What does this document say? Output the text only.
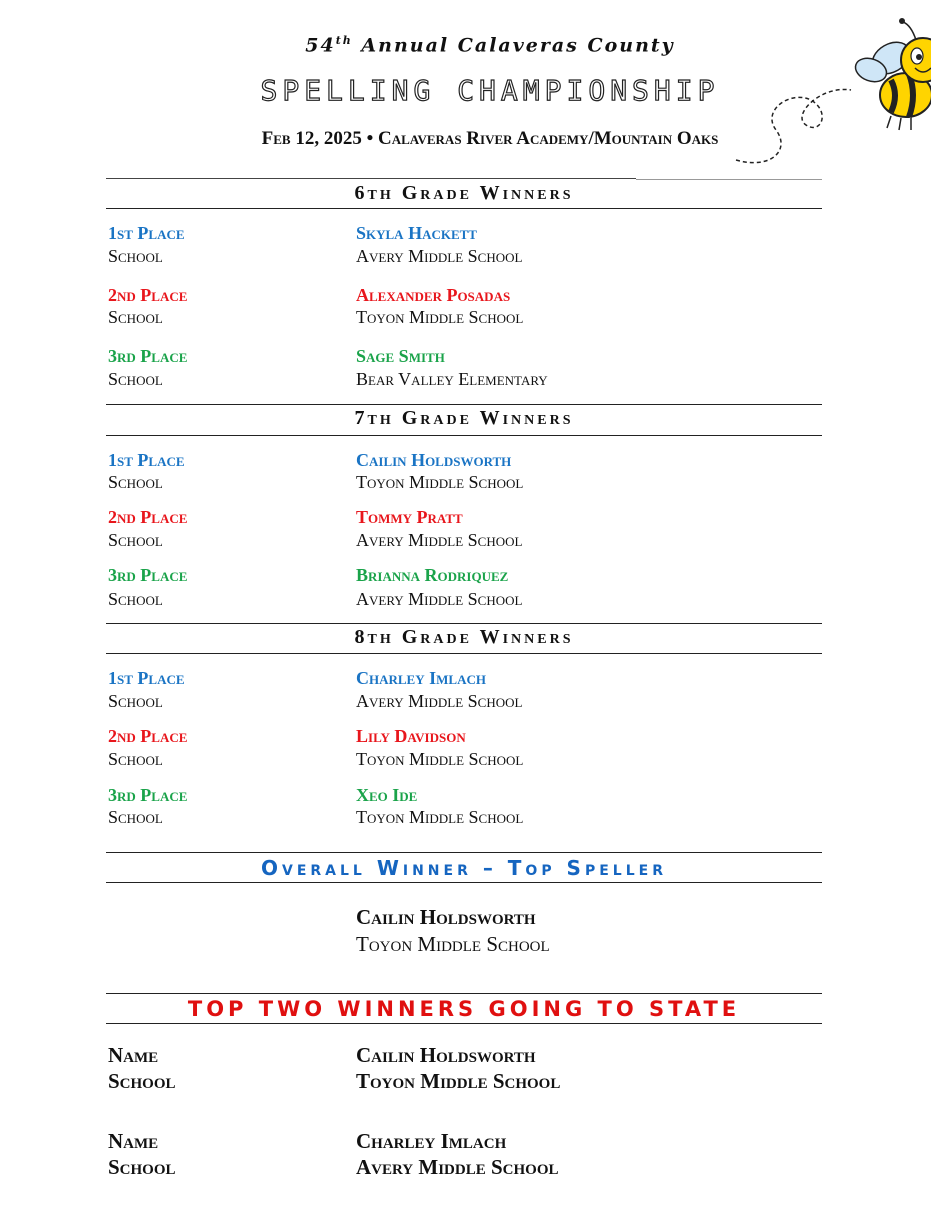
54th Annual Calaveras County
SPELLING CHAMPIONSHIP
Feb 12, 2025 • Calaveras River Academy/Mountain Oaks
6th Grade Winners
1st Place	Skyla Hackett
School	Avery Middle School
2nd Place	Alexander Posadas
School	Toyon Middle School
3rd Place	Sage Smith
School	Bear Valley Elementary
7th Grade Winners
1st Place	Cailin Holdsworth
School	Toyon Middle School
2nd Place	Tommy Pratt
School	Avery Middle School
3rd Place	Brianna Rodriquez
School	Avery Middle School
8th Grade Winners
1st Place	Charley Imlach
School	Avery Middle School
2nd Place	Lily Davidson
School	Toyon Middle School
3rd Place	Xeo Ide
School	Toyon Middle School
Overall Winner – Top Speller
Cailin Holdsworth
Toyon Middle School
TOP TWO WINNERS GOING TO STATE
Name	Cailin Holdsworth
School	Toyon Middle School
Name	Charley Imlach
School	Avery Middle School
